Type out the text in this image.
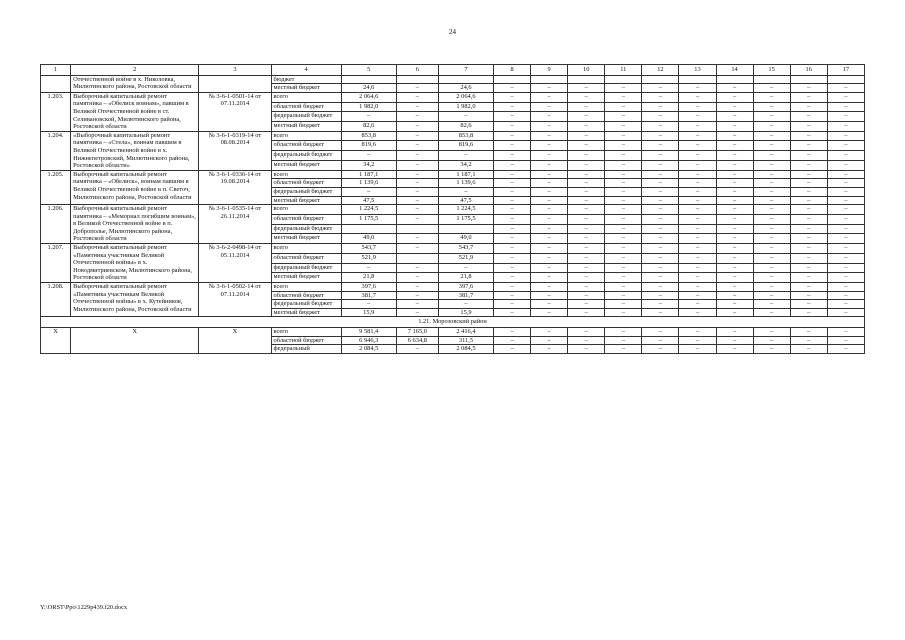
24
1	2	3	4	5	6	7	8	9	10	11	12	13	14	15	16	17
	Отечественной войне в х. Николовка, Милютинского района, Ростовской области		бюджет													
			местный бюджет	24,6	–	24,6	–	–	–	–	–	–	–	–	–	–
1.203.	Выборочный капитальный ремонт памятника – «Обелиск воинам», павшим в Великой Отечественной войне в ст. Селивановской, Милютинского района, Ростовской области	№ 3-6-1-0501-14 от 07.11.2014	всего	2 064,6	–	2 064,6	–	–	–	–	–	–	–	–	–	–
			областной бюджет	1 982,0	–	1 982,0	–	–	–	–	–	–	–	–	–	–
			федеральный бюджет	–	–	–	–	–	–	–	–	–	–	–	–	–
			местный бюджет	82,6	–	82,6	–	–	–	–	–	–	–	–	–	–
1.204.	«Выборочный капитальный ремонт памятника – «Стела», воинам павшим в Великой Отечественной войне в х. Нижнепетровский, Милютинского района, Ростовской области»	№ 3-6-1-0319-14 от 08.08.2014	всего	853,8	–	853,8	–	–	–	–	–	–	–	–	–	–
			областной бюджет	819,6	–	819,6	–	–	–	–	–	–	–	–	–	–
			федеральный бюджет	–	–	–	–	–	–	–	–	–	–	–	–	–
			местный бюджет	34,2	–	34,2	–	–	–	–	–	–	–	–	–	–
1.205.	Выборочный капитальный ремонт памятника – «Обелиск», воинам павшим в Великой Отечественной войне в п. Светоч, Милютинского района, Ростовской области	№ 3-6-1-0336-14 от 19.08.2014	всего	1 187,1	–	1 187,1	–	–	–	–	–	–	–	–	–	–
			областной бюджет	1 139,6	–	1 139,6	–	–	–	–	–	–	–	–	–	–
			федеральный бюджет	–	–	–	–	–	–	–	–	–	–	–	–	–
			местный бюджет	47,5	–	47,5	–	–	–	–	–	–	–	–	–	–
1.206.	Выборочный капитальный ремонт памятника – «Мемориал погибшим воинам», в Великой Отечественной войне в п. Доброполье, Милютинского района, Ростовской области	№ 3-6-1-0535-14 от 26.11.2014	всего	1 224,5	–	1 224,5	–	–	–	–	–	–	–	–	–	–
			областной бюджет	1 175,5	–	1 175,5	–	–	–	–	–	–	–	–	–	–
			федеральный бюджет				–	–	–	–	–	–	–	–	–	–
			местный бюджет	49,0	–	49,0	–	–	–	–	–	–	–	–	–	–
1.207.	Выборочный капитальный ремонт «Памятника участникам Великой Отечественной войны» в х. Новодмитриевском, Милютинского района, Ростовской области	№ 3-6-2-0498-14 от 05.11.2014	всего	543,7	–	543,7	–	–	–	–	–	–	–	–	–	–
			областной бюджет	521,9		521,9	–	–	–	–	–	–	–	–	–	–
			федеральный бюджет	–	–	–	–	–	–	–	–	–	–	–	–	–
			местный бюджет	21,8	–	21,8	–	–	–	–	–	–	–	–	–	–
1.208.	Выборочный капитальный ремонт «Памятника участникам Великой Отечественной войны» в х. Кутейников, Милютинского района, Ростовской области	№ 3-6-1-0502-14 от 07.11.2014	всего	397,6	–	397,6	–	–	–	–	–	–	–	–	–	–
			областной бюджет	381,7	–	381,7	–	–	–	–	–	–	–	–	–	–
			федеральный бюджет	–	–	–	–	–	–	–	–	–	–	–	–	–
			местный бюджет	15,9	–	15,9	–	–	–	–	–	–	–	–	–	–
1.21. Морозовский район																
Х	Х	Х	всего	9 581,4	7 165,0	2 416,4	–	–	–	–	–	–	–	–	–	–
			областной бюджет	6 946,3	6 634,8	311,5	–	–	–	–	–	–	–	–	–	–
			федеральный	2 084,5	–	2 084,5	–	–	–	–	–	–	–	–	–	–
Y:\ORST\Ppo\1229p439.f20.docx
